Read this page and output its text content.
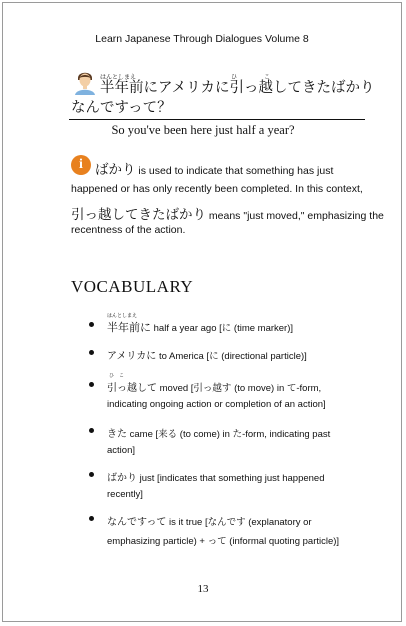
Learn Japanese Through Dialogues Volume 8
はんとしまえ	ひ	こ
半年前にアメリカに引っ越してきたばかり
なんですって？
So you've been here just half a year?
i ばかり is used to indicate that something has just
happened or has only recently been completed. In this context,
引っ越してきたばかり means "just moved," emphasizing the
recentness of the action.
VOCABULARY
はんとしまえ
半年前に half a year ago [に (time marker)]
アメリカに to America [に (directional particle)]
ひ　こ
引っ越して moved [引っ越す (to move) in て-form,
indicating ongoing action or completion of an action]
きた came [来る (to come) in た-form, indicating past
action]
ばかり just [indicates that something just happened
recently]
なんですって is it true [なんです (explanatory or
emphasizing particle) + って (informal quoting particle)]
13
